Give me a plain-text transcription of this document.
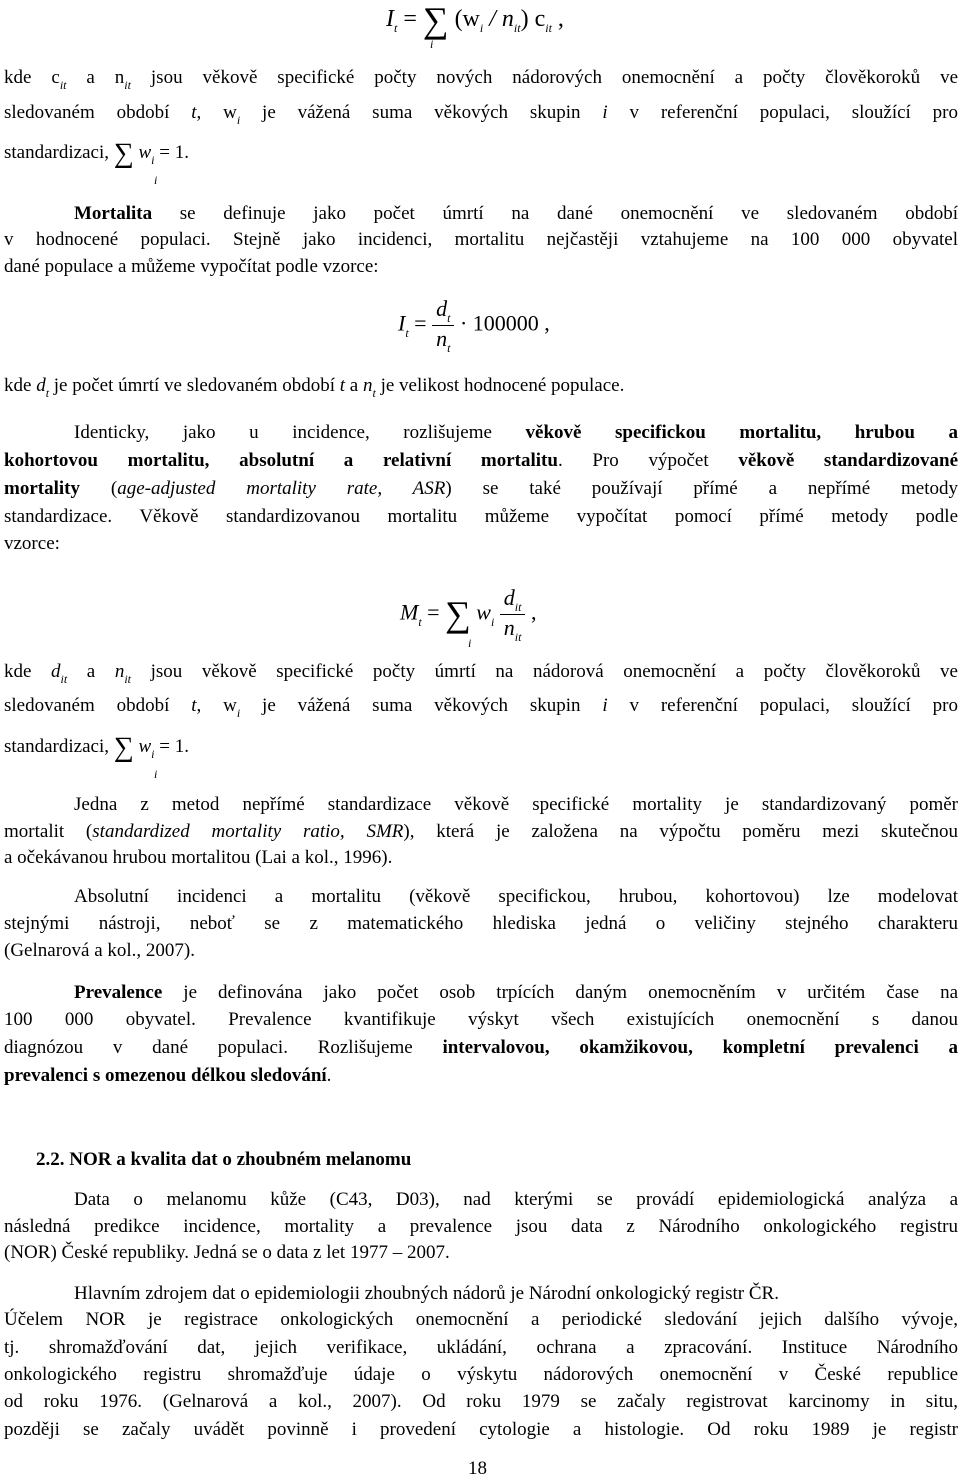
$I_t$ = ∑
i
$(w_i / n_{it})$ $c_{it}$ ,
kde $c_{it}$ a $n_{it}$ jsou věkově specifické počty nových nádorových onemocnění a počty člověkoroků ve
sledovaném období t, $w_i$ je vážená suma věkových skupin i v referenční populaci, sloužící pro
standardizaci, ∑ $w_i = 1$.
i
Mortalita se definuje jako počet úmrtí na dané onemocnění ve sledovaném období
v hodnocené populaci. Stejně jako incidenci, mortalitu nejčastěji vztahujeme na 100 000 obyvatel
dané populace a můžeme vypočítat podle vzorce:
$I_t = \frac{d_t}{n_t} \cdot 100000$ ,
kde $d_t$ je počet úmrtí ve sledovaném období t a $n_t$ je velikost hodnocené populace.
Identicky, jako u incidence, rozlišujeme věkově specifickou mortalitu, hrubou a
kohortovou mortalitu, absolutní a relativní mortalitu. Pro výpočet věkově standardizované
mortality (age-adjusted mortality rate, ASR) se také používají přímé a nepřímé metody
standardizace. Věkově standardizovanou mortalitu můžeme vypočítat pomocí přímé metody podle
vzorce:
$M_t$ = ∑
i
$w_i \frac{d_{it}}{n_{it}}$ ,
kde $d_{it}$ a $n_{it}$ jsou věkově specifické počty úmrtí na nádorová onemocnění a počty člověkoroků ve
sledovaném období t, $w_i$ je vážená suma věkových skupin i v referenční populaci, sloužící pro
standardizaci, ∑ $w_i = 1$.
i
Jedna z metod nepřímé standardizace věkově specifické mortality je standardizovaný poměr
mortalit (standardized mortality ratio, SMR), která je založena na výpočtu poměru mezi skutečnou
a očekávanou hrubou mortalitou (Lai a kol., 1996).
Absolutní incidenci a mortalitu (věkově specifickou, hrubou, kohortovou) lze modelovat
stejnými nástroji, neboť se z matematického hlediska jedná o veličiny stejného charakteru
(Gelnarová a kol., 2007).
Prevalence je definována jako počet osob trpících daným onemocněním v určitém čase na
100 000 obyvatel. Prevalence kvantifikuje výskyt všech existujících onemocnění s danou
diagnózou v dané populaci. Rozlišujeme intervalovou, okamžikovou, kompletní prevalenci a
prevalenci s omezenou délkou sledování.
2.2. NOR a kvalita dat o zhoubném melanomu
Data o melanomu kůže (C43, D03), nad kterými se provádí epidemiologická analýza a
následná predikce incidence, mortality a prevalence jsou data z Národního onkologického registru
(NOR) České republiky. Jedná se o data z let 1977 – 2007.
Hlavním zdrojem dat o epidemiologii zhoubných nádorů je Národní onkologický registr ČR.
Účelem NOR je registrace onkologických onemocnění a periodické sledování jejich dalšího vývoje,
tj. shromažďování dat, jejich verifikace, ukládání, ochrana a zpracování. Instituce Národního
onkologického registru shromažďuje údaje o výskytu nádorových onemocnění v České republice
od roku 1976. (Gelnarová a kol., 2007). Od roku 1979 se začaly registrovat karcinomy in situ,
později se začaly uvádět povinně i provedení cytologie a histologie. Od roku 1989 je registr
18
